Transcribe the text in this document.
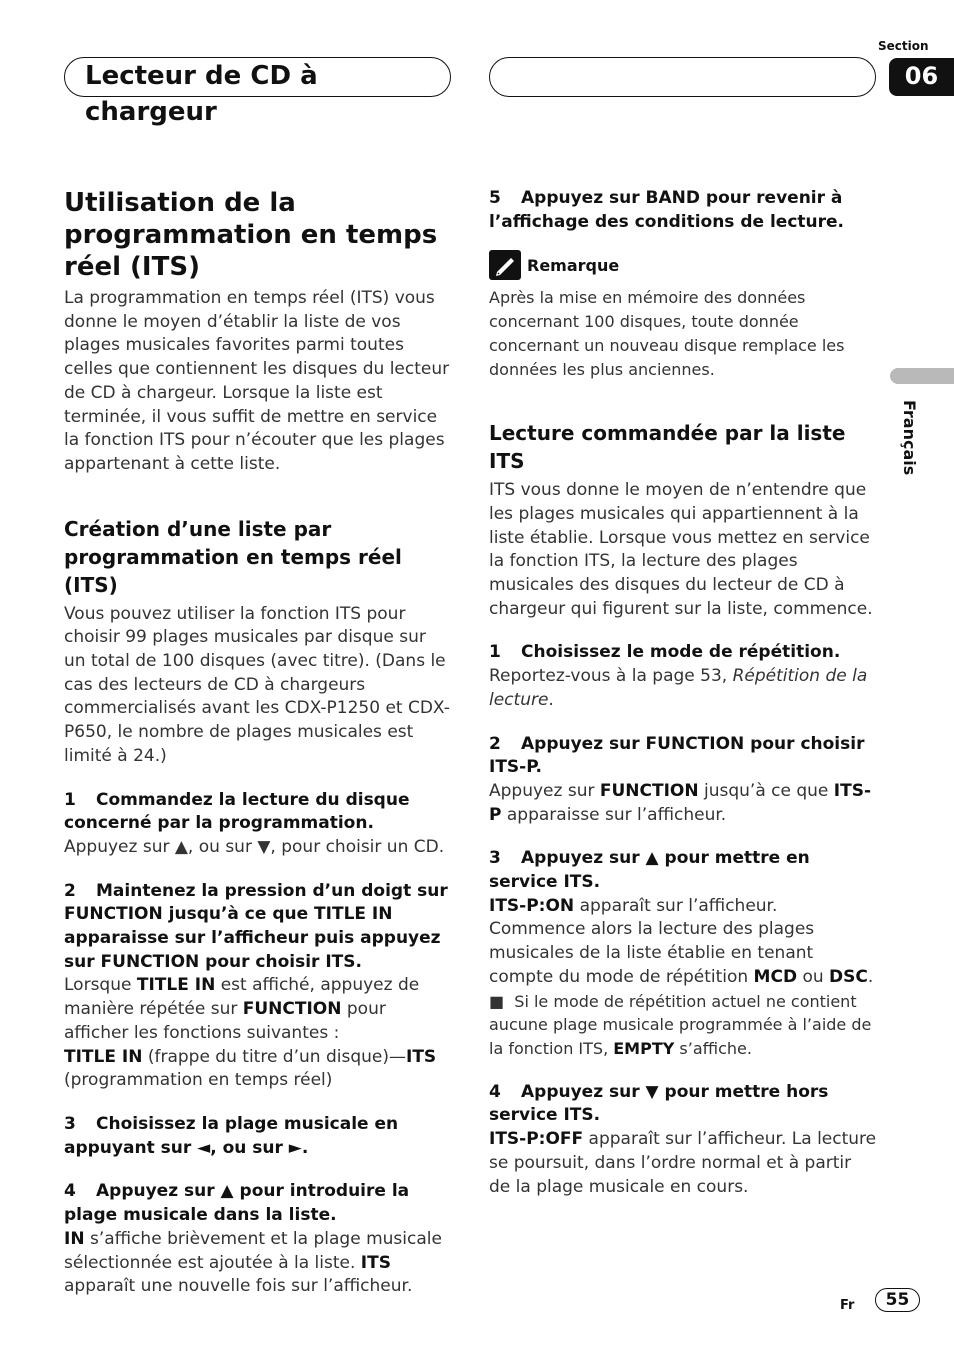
Lecteur de CD à chargeur
Section
06
Français
Utilisation de la programmation en temps réel (ITS)

La programmation en temps réel (ITS) vous donne le moyen d’établir la liste de vos plages musicales favorites parmi toutes celles que contiennent les disques du lecteur de CD à chargeur. Lorsque la liste est terminée, il vous suffit de mettre en service la fonction ITS pour n’écouter que les plages appartenant à cette liste.

Création d’une liste par programmation en temps réel (ITS)

Vous pouvez utiliser la fonction ITS pour choisir 99 plages musicales par disque sur un total de 100 disques (avec titre). (Dans le cas des lecteurs de CD à chargeurs commercialisés avant les CDX-P1250 et CDX-P650, le nombre de plages musicales est limité à 24.)

1 Commandez la lecture du disque concerné par la programmation.

Appuyez sur ▲, ou sur ▼, pour choisir un CD.

2 Maintenez la pression d’un doigt sur FUNCTION jusqu’à ce que TITLE IN apparaisse sur l’afficheur puis appuyez sur FUNCTION pour choisir ITS.

Lorsque TITLE IN est affiché, appuyez de manière répétée sur FUNCTION pour afficher les fonctions suivantes :

TITLE IN (frappe du titre d’un disque)—ITS (programmation en temps réel)

3 Choisissez la plage musicale en appuyant sur ◄, ou sur ►.

4 Appuyez sur ▲ pour introduire la plage musicale dans la liste.

IN s’affiche brièvement et la plage musicale sélectionnée est ajoutée à la liste. ITS apparaît une nouvelle fois sur l’afficheur.

5 Appuyez sur BAND pour revenir à l’affichage des conditions de lecture.

Remarque

Après la mise en mémoire des données concernant 100 disques, toute donnée concernant un nouveau disque remplace les données les plus anciennes.

Lecture commandée par la liste ITS

ITS vous donne le moyen de n’entendre que les plages musicales qui appartiennent à la liste établie. Lorsque vous mettez en service la fonction ITS, la lecture des plages musicales des disques du lecteur de CD à chargeur qui figurent sur la liste, commence.

1 Choisissez le mode de répétition.

Reportez-vous à la page 53, Répétition de la lecture.

2 Appuyez sur FUNCTION pour choisir ITS-P.

Appuyez sur FUNCTION jusqu’à ce que ITS-P apparaisse sur l’afficheur.

3 Appuyez sur ▲ pour mettre en service ITS.

ITS-P:ON apparaît sur l’afficheur. Commence alors la lecture des plages musicales de la liste établie en tenant compte du mode de répétition MCD ou DSC.

■  Si le mode de répétition actuel ne contient aucune plage musicale programmée à l’aide de la fonction ITS, EMPTY s’affiche.

4 Appuyez sur ▼ pour mettre hors service ITS.

ITS-P:OFF apparaît sur l’afficheur. La lecture se poursuit, dans l’ordre normal et à partir de la plage musicale en cours.

Fr	55
